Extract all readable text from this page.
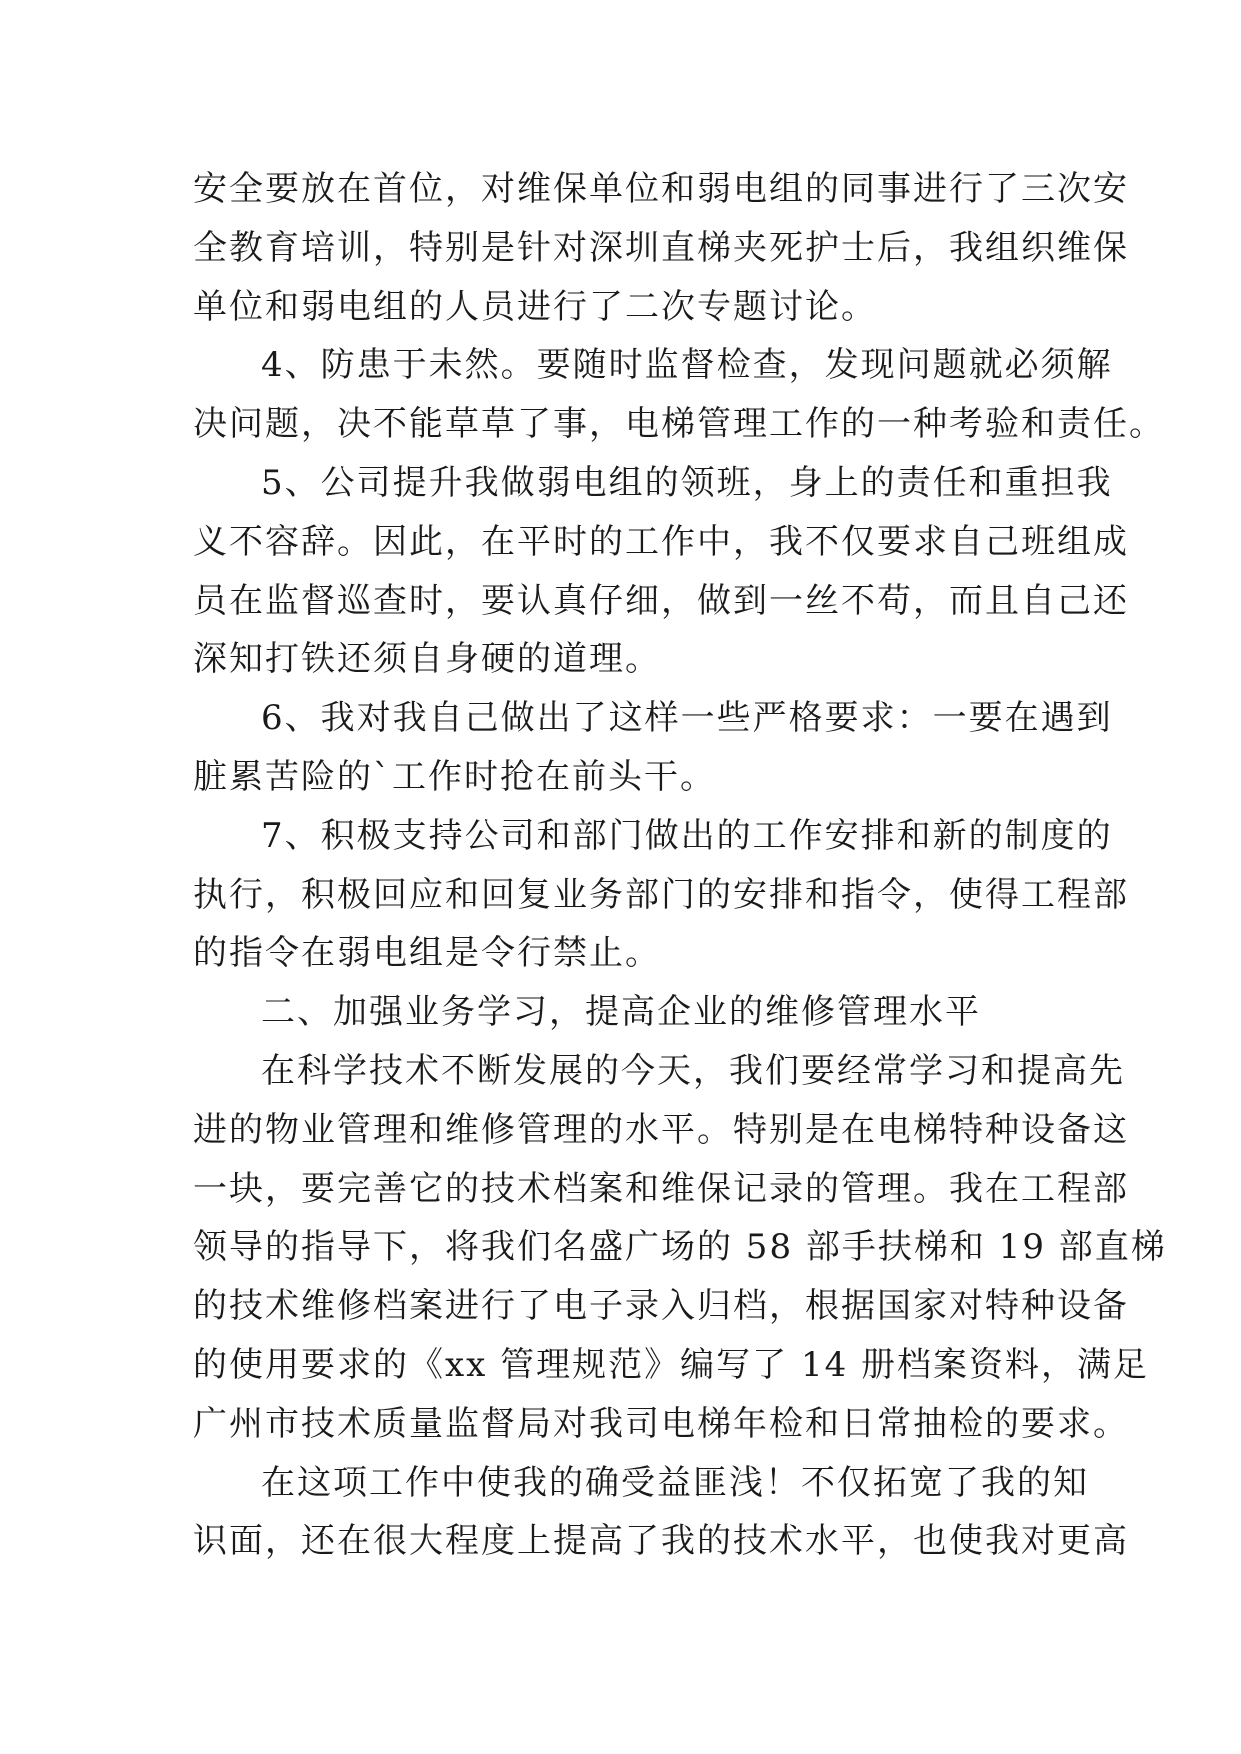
安全要放在首位，对维保单位和弱电组的同事进行了三次安
全教育培训，特别是针对深圳直梯夹死护士后，我组织维保
单位和弱电组的人员进行了二次专题讨论。
4、防患于未然。要随时监督检查，发现问题就必须解
决问题，决不能草草了事，电梯管理工作的一种考验和责任。
5、公司提升我做弱电组的领班，身上的责任和重担我
义不容辞。因此，在平时的工作中，我不仅要求自己班组成
员在监督巡查时，要认真仔细，做到一丝不苟，而且自己还
深知打铁还须自身硬的道理。
6、我对我自己做出了这样一些严格要求：一要在遇到
脏累苦险的`工作时抢在前头干。
7、积极支持公司和部门做出的工作安排和新的制度的
执行，积极回应和回复业务部门的安排和指令，使得工程部
的指令在弱电组是令行禁止。
二、加强业务学习，提高企业的维修管理水平
在科学技术不断发展的今天，我们要经常学习和提高先
进的物业管理和维修管理的水平。特别是在电梯特种设备这
一块，要完善它的技术档案和维保记录的管理。我在工程部
领导的指导下，将我们名盛广场的 58 部手扶梯和 19 部直梯
的技术维修档案进行了电子录入归档，根据国家对特种设备
的使用要求的《xx 管理规范》编写了 14 册档案资料，满足
广州市技术质量监督局对我司电梯年检和日常抽检的要求。
在这项工作中使我的确受益匪浅！不仅拓宽了我的知
识面，还在很大程度上提高了我的技术水平，也使我对更高
